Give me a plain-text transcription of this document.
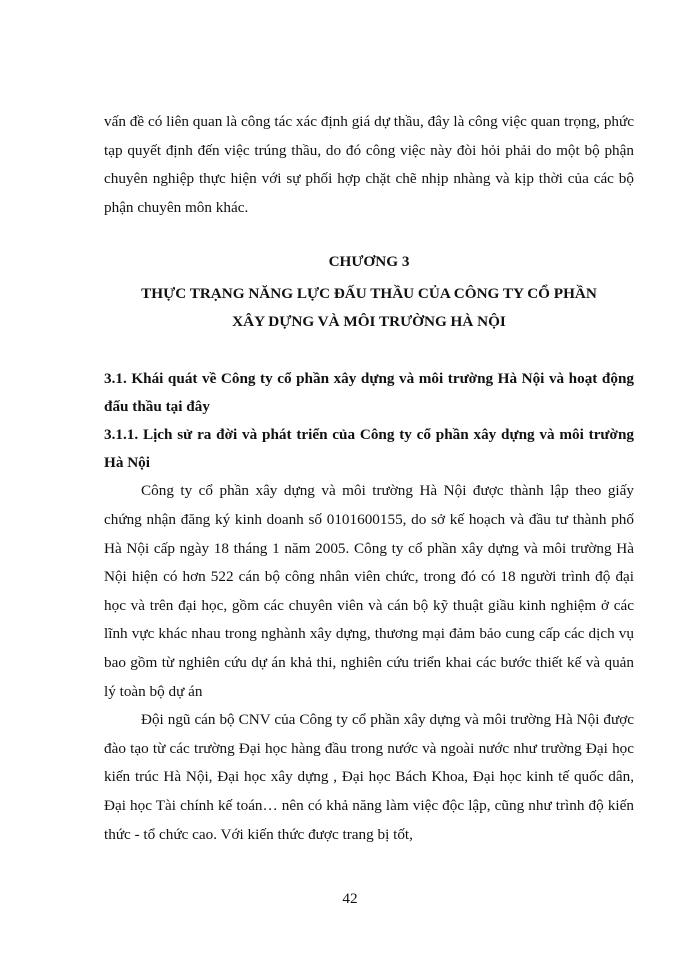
vấn đề có liên quan là công tác xác định giá dự thầu, đây là công việc quan trọng, phức tạp quyết định đến việc trúng thầu, do đó công việc này đòi hỏi phải do một bộ phận chuyên nghiệp thực hiện với sự phối hợp chặt chẽ nhịp nhàng và kịp thời của các bộ phận chuyên môn khác.

CHƯƠNG 3
THỰC TRẠNG NĂNG LỰC ĐẤU THẦU CỦA CÔNG TY CỔ PHẦN
XÂY DỰNG VÀ MÔI TRƯỜNG HÀ NỘI

3.1. Khái quát về Công ty cổ phần xây dựng và môi trường Hà Nội và hoạt động đấu thầu tại đây

3.1.1. Lịch sử ra đời và phát triển của Công ty cổ phần xây dựng và môi trường Hà Nội

Công ty cổ phần xây dựng và môi trường Hà Nội được thành lập theo giấy chứng nhận đăng ký kinh doanh số 0101600155, do sở kế hoạch và đầu tư thành phố Hà Nội cấp ngày 18 tháng 1 năm 2005. Công ty cổ phần xây dựng và môi trường Hà Nội hiện có hơn 522 cán bộ công nhân viên chức, trong đó có 18 người trình độ đại học và trên đại học, gồm các chuyên viên và cán bộ kỹ thuật giầu kinh nghiệm ở các lĩnh vực khác nhau trong nghành xây dựng, thương mại đảm bảo cung cấp các dịch vụ bao gồm từ nghiên cứu dự án khả thi, nghiên cứu triển khai các bước thiết kế và quản lý toàn bộ dự án

Đội ngũ cán bộ CNV của Công ty cổ phần xây dựng và môi trường Hà Nội được đào tạo từ các trường Đại học hàng đầu trong nước và ngoài nước như trường Đại học kiến trúc Hà Nội, Đại học xây dựng , Đại học Bách Khoa, Đại học kinh tế quốc dân, Đại học Tài chính kế toán… nên có khả năng làm việc độc lập, cũng như trình độ kiến thức - tổ chức cao. Với kiến thức được trang bị tốt,

42
